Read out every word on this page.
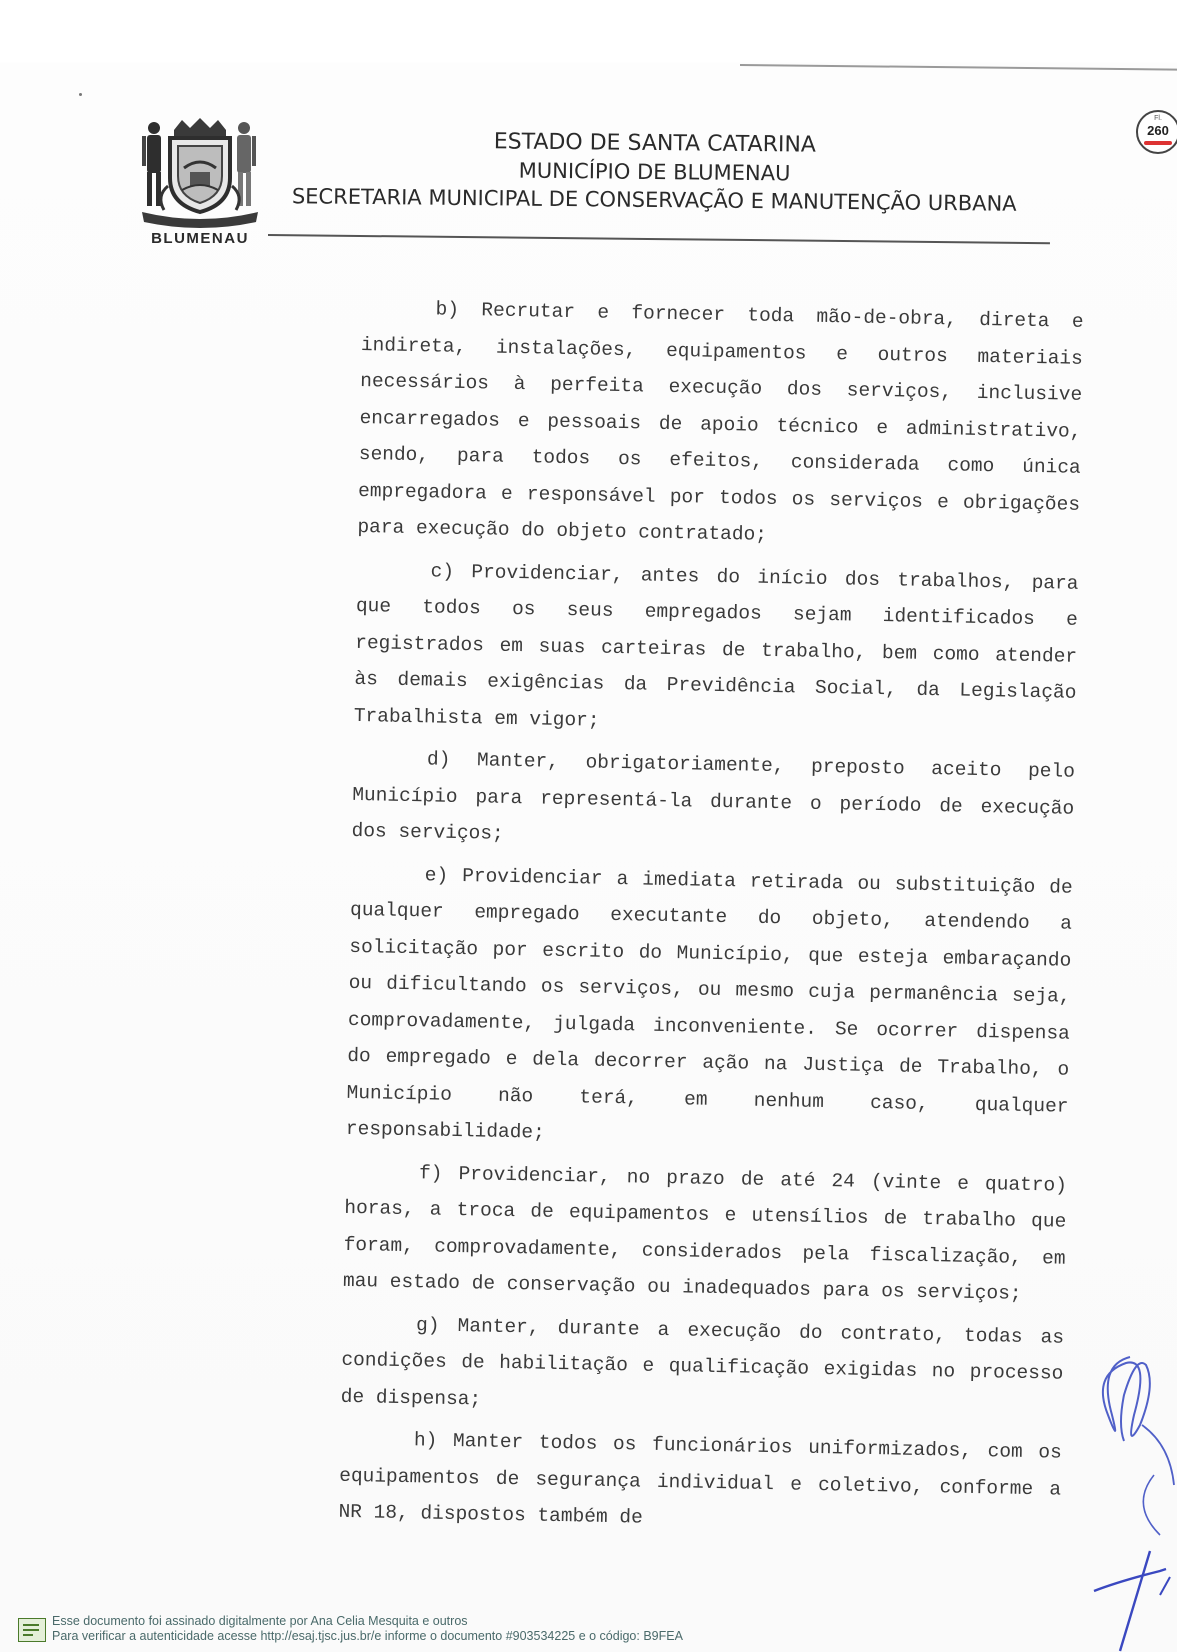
BLUMENAU
ESTADO DE SANTA CATARINA
MUNICÍPIO DE BLUMENAU
SECRETARIA MUNICIPAL DE CONSERVAÇÃO E MANUTENÇÃO URBANA
Fl.
260

b) Recrutar e fornecer toda mão-de-obra, direta e indireta, instalações, equipamentos e outros materiais necessários à perfeita execução dos serviços, inclusive encarregados e pessoais de apoio técnico e administrativo, sendo, para todos os efeitos, considerada como única empregadora e responsável por todos os serviços e obrigações para execução do objeto contratado;

c) Providenciar, antes do início dos trabalhos, para que todos os seus empregados sejam identificados e registrados em suas carteiras de trabalho, bem como atender às demais exigências da Previdência Social, da Legislação Trabalhista em vigor;

d) Manter, obrigatoriamente, preposto aceito pelo Município para representá-la durante o período de execução dos serviços;

e) Providenciar a imediata retirada ou substituição de qualquer empregado executante do objeto, atendendo a solicitação por escrito do Município, que esteja embaraçando ou dificultando os serviços, ou mesmo cuja permanência seja, comprovadamente, julgada inconveniente. Se ocorrer dispensa do empregado e dela decorrer ação na Justiça de Trabalho, o Município não terá, em nenhum caso, qualquer responsabilidade;

f) Providenciar, no prazo de até 24 (vinte e quatro) horas, a troca de equipamentos e utensílios de trabalho que foram, comprovadamente, considerados pela fiscalização, em mau estado de conservação ou inadequados para os serviços;

g) Manter, durante a execução do contrato, todas as condições de habilitação e qualificação exigidas no processo de dispensa;

h) Manter todos os funcionários uniformizados, com os equipamentos de segurança individual e coletivo, conforme a NR 18, dispostos também de

Esse documento foi assinado digitalmente por Ana Celia Mesquita e outros
Para verificar a autenticidade acesse http://esaj.tjsc.jus.br/e informe o documento #903534225 e o código: B9FEA
